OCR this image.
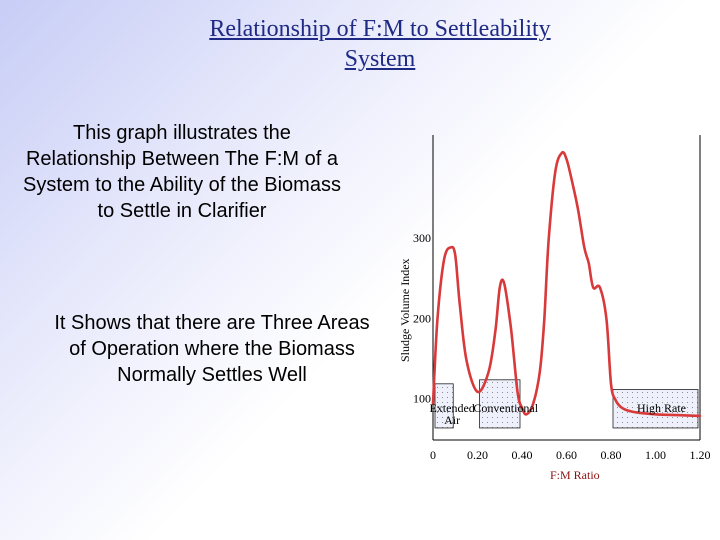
Relationship of F:M to Settleability
System
This graph illustrates the Relationship Between The F:M of a System to the Ability of the Biomass to Settle in Clarifier
It Shows that there are Three Areas of Operation where the Biomass Normally Settles Well
0	0.20 0.40 0.60 0.80 1.00 1.20
100
200
300
Sludge Volume Index
F:M Ratio
Extended
Air
Conventional	High Rate
